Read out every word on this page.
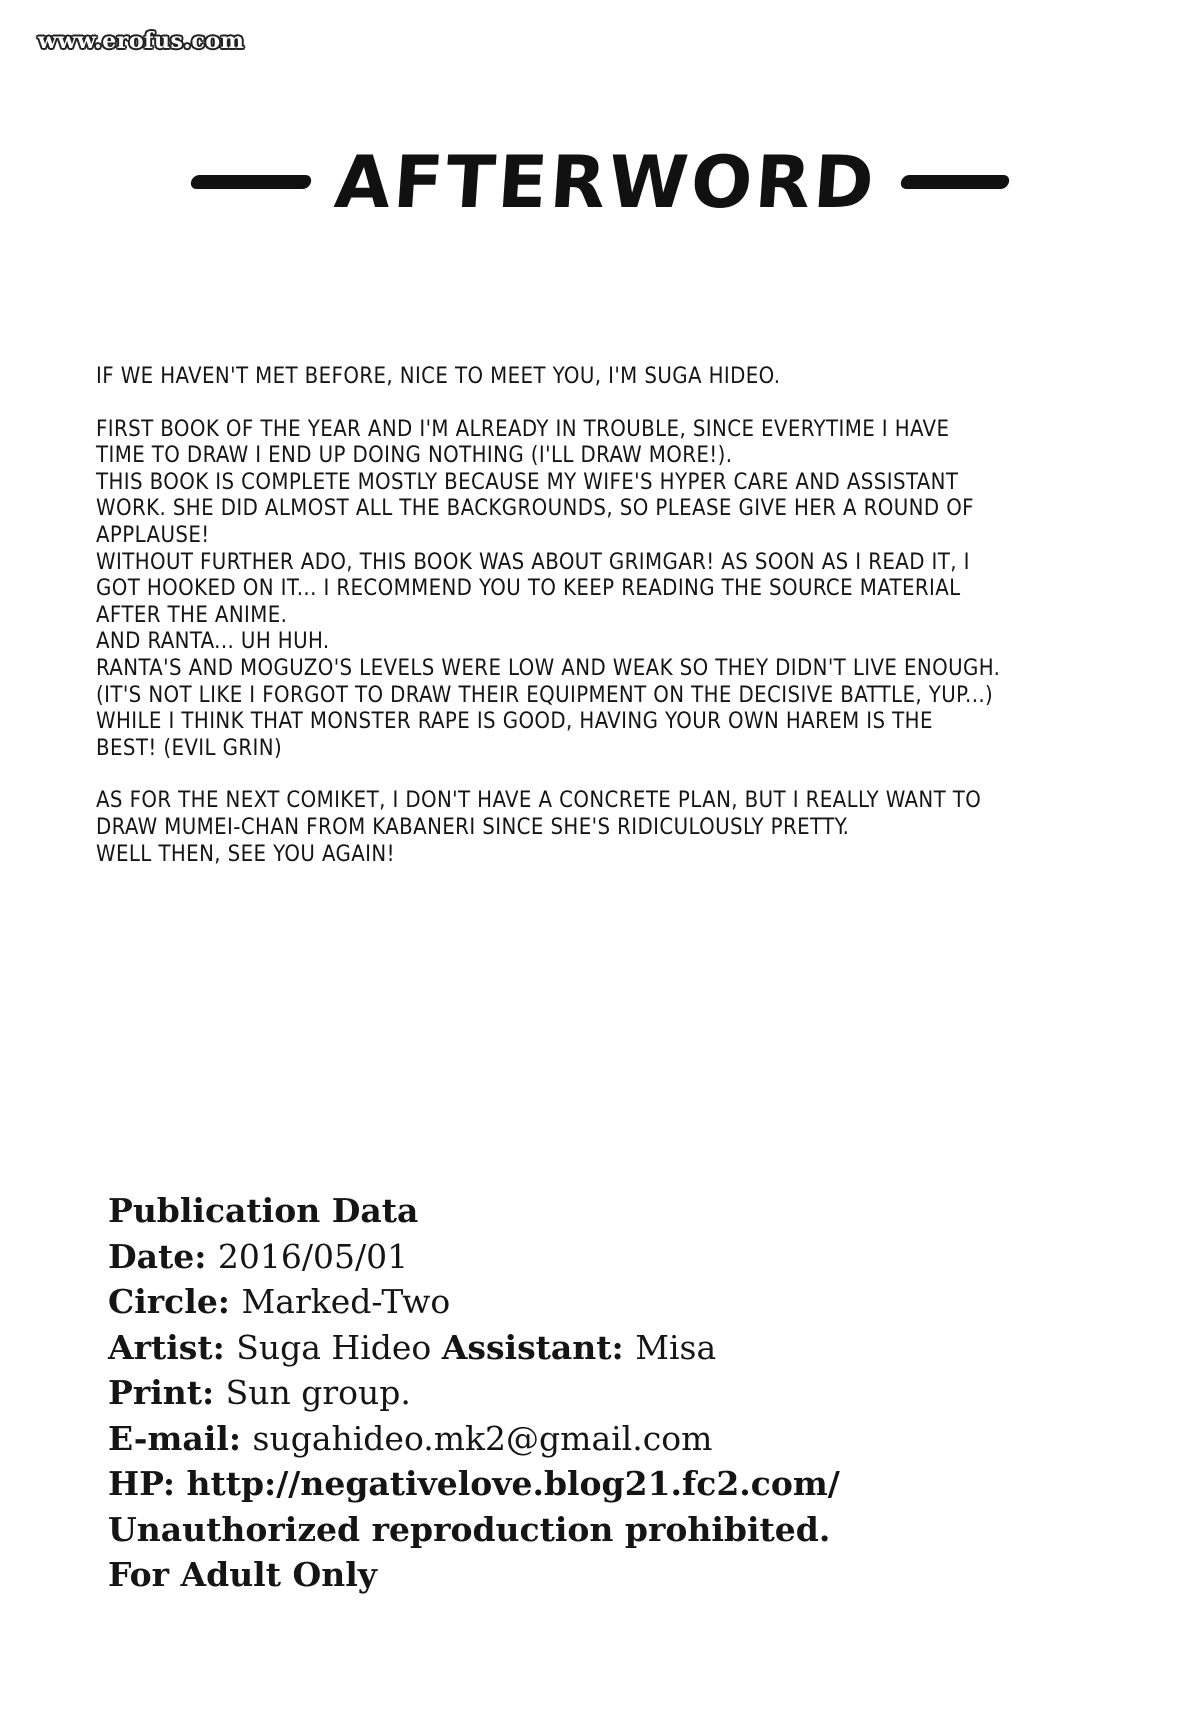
www.erofus.com
AFTERWORD

IF WE HAVEN'T MET BEFORE, NICE TO MEET YOU, I'M SUGA HIDEO.

FIRST BOOK OF THE YEAR AND I'M ALREADY IN TROUBLE, SINCE EVERYTIME I HAVE

TIME TO DRAW I END UP DOING NOTHING (I'LL DRAW MORE!).

THIS BOOK IS COMPLETE MOSTLY BECAUSE MY WIFE'S HYPER CARE AND ASSISTANT

WORK. SHE DID ALMOST ALL THE BACKGROUNDS, SO PLEASE GIVE HER A ROUND OF

APPLAUSE!

WITHOUT FURTHER ADO, THIS BOOK WAS ABOUT GRIMGAR! AS SOON AS I READ IT, I

GOT HOOKED ON IT... I RECOMMEND YOU TO KEEP READING THE SOURCE MATERIAL

AFTER THE ANIME.

AND RANTA... UH HUH.

RANTA'S AND MOGUZO'S LEVELS WERE LOW AND WEAK SO THEY DIDN'T LIVE ENOUGH.

(IT'S NOT LIKE I FORGOT TO DRAW THEIR EQUIPMENT ON THE DECISIVE BATTLE, YUP...)

WHILE I THINK THAT MONSTER RAPE IS GOOD, HAVING YOUR OWN HAREM IS THE

BEST! (EVIL GRIN)

AS FOR THE NEXT COMIKET, I DON'T HAVE A CONCRETE PLAN, BUT I REALLY WANT TO

DRAW MUMEI-CHAN FROM KABANERI SINCE SHE'S RIDICULOUSLY PRETTY.

WELL THEN, SEE YOU AGAIN!

Publication Data

Date: 2016/05/01

Circle: Marked-Two

Artist: Suga Hideo Assistant: Misa

Print: Sun group.

E-mail: sugahideo.mk2@gmail.com

HP: http://negativelove.blog21.fc2.com/

Unauthorized reproduction prohibited.

For Adult Only
